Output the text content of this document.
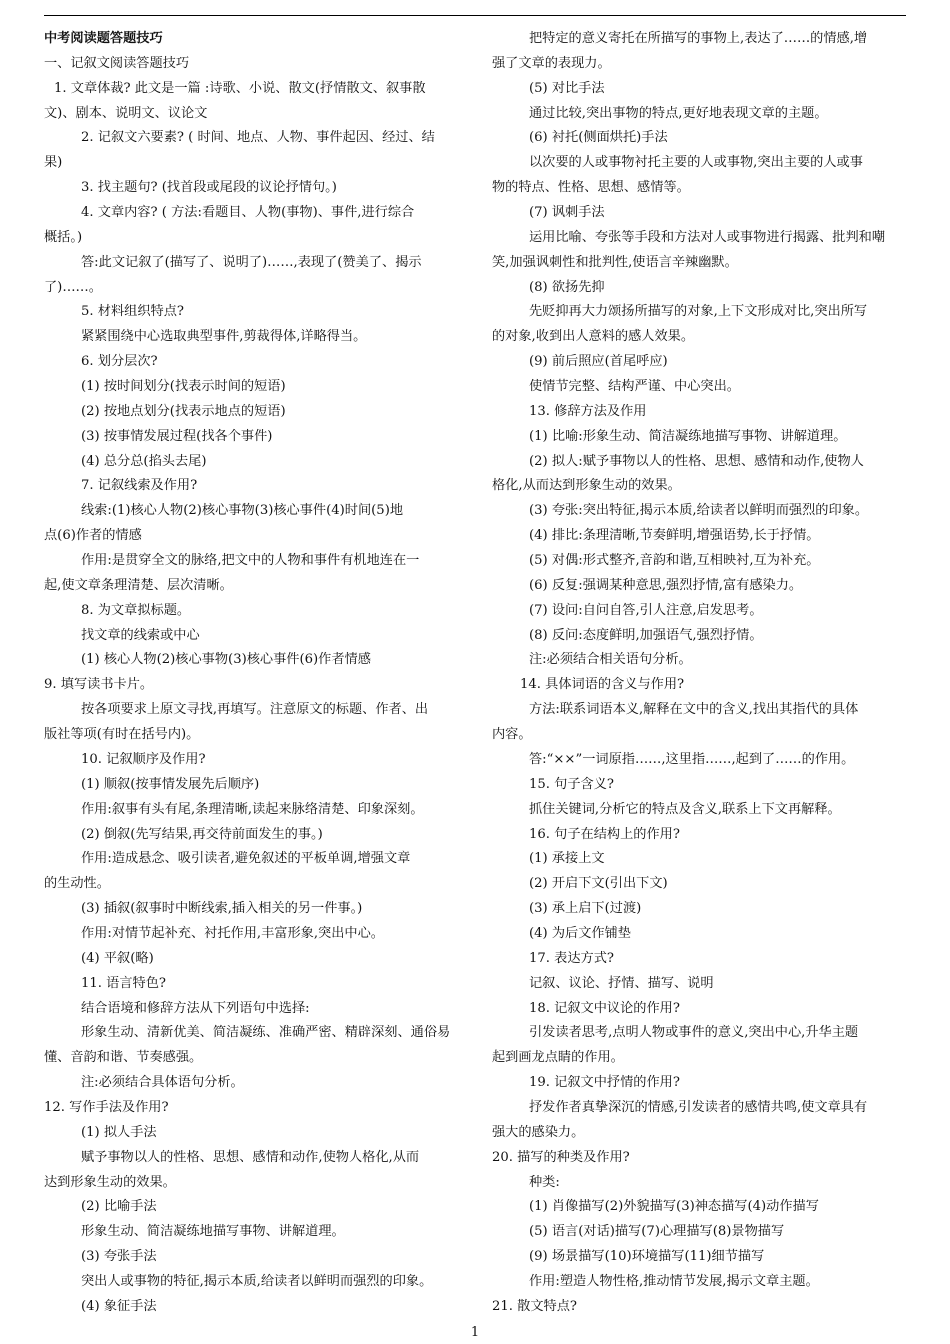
中考阅读题答题技巧
一、记叙文阅读答题技巧
1. 文章体裁? 此文是一篇 :诗歌、小说、散文(抒情散文、叙事散
文)、剧本、说明文、议论文
2. 记叙文六要素? ( 时间、地点、人物、事件起因、经过、结
果)
3. 找主题句? (找首段或尾段的议论抒情句。)
4. 文章内容? ( 方法:看题目、人物(事物)、事件,进行综合
概括。)
答:此文记叙了(描写了、说明了)……,表现了(赞美了、揭示
了)……。
5. 材料组织特点?
紧紧围绕中心选取典型事件,剪裁得体,详略得当。
6. 划分层次?
(1) 按时间划分(找表示时间的短语)
(2) 按地点划分(找表示地点的短语)
(3) 按事情发展过程(找各个事件)
(4) 总分总(掐头去尾)
7. 记叙线索及作用?
线索:(1)核心人物(2)核心事物(3)核心事件(4)时间(5)地
点(6)作者的情感
作用:是贯穿全文的脉络,把文中的人物和事件有机地连在一
起,使文章条理清楚、层次清晰。
8. 为文章拟标题。
找文章的线索或中心
(1) 核心人物(2)核心事物(3)核心事件(6)作者情感
9. 填写读书卡片。
按各项要求上原文寻找,再填写。注意原文的标题、作者、出
版社等项(有时在括号内)。
10. 记叙顺序及作用?
(1) 顺叙(按事情发展先后顺序)
作用:叙事有头有尾,条理清晰,读起来脉络清楚、印象深刻。
(2) 倒叙(先写结果,再交待前面发生的事。)
作用:造成悬念、吸引读者,避免叙述的平板单调,增强文章
的生动性。
(3) 插叙(叙事时中断线索,插入相关的另一件事。)
作用:对情节起补充、衬托作用,丰富形象,突出中心。
(4) 平叙(略)
11. 语言特色?
结合语境和修辞方法从下列语句中选择:
形象生动、清新优美、简洁凝练、准确严密、精辟深刻、通俗易
懂、音韵和谐、节奏感强。
注:必须结合具体语句分析。
12. 写作手法及作用?
(1) 拟人手法
赋予事物以人的性格、思想、感情和动作,使物人格化,从而
达到形象生动的效果。
(2) 比喻手法
形象生动、简洁凝练地描写事物、讲解道理。
(3) 夸张手法
突出人或事物的特征,揭示本质,给读者以鲜明而强烈的印象。
(4) 象征手法
把特定的意义寄托在所描写的事物上,表达了……的情感,增
强了文章的表现力。
(5) 对比手法
通过比较,突出事物的特点,更好地表现文章的主题。
(6) 衬托(侧面烘托)手法
以次要的人或事物衬托主要的人或事物,突出主要的人或事
物的特点、性格、思想、感情等。
(7) 讽刺手法
运用比喻、夸张等手段和方法对人或事物进行揭露、批判和嘲
笑,加强讽刺性和批判性,使语言辛辣幽默。
(8) 欲扬先抑
先贬抑再大力颂扬所描写的对象,上下文形成对比,突出所写
的对象,收到出人意料的感人效果。
(9) 前后照应(首尾呼应)
使情节完整、结构严谨、中心突出。
13. 修辞方法及作用
(1) 比喻:形象生动、简洁凝练地描写事物、讲解道理。
(2) 拟人:赋予事物以人的性格、思想、感情和动作,使物人
格化,从而达到形象生动的效果。
(3) 夸张:突出特征,揭示本质,给读者以鲜明而强烈的印象。
(4) 排比:条理清晰,节奏鲜明,增强语势,长于抒情。
(5) 对偶:形式整齐,音韵和谐,互相映衬,互为补充。
(6) 反复:强调某种意思,强烈抒情,富有感染力。
(7) 设问:自问自答,引人注意,启发思考。
(8) 反问:态度鲜明,加强语气,强烈抒情。
注:必须结合相关语句分析。
14. 具体词语的含义与作用?
方法:联系词语本义,解释在文中的含义,找出其指代的具体
内容。
答:“××”一词原指……,这里指……,起到了……的作用。
15. 句子含义?
抓住关键词,分析它的特点及含义,联系上下文再解释。
16. 句子在结构上的作用?
(1) 承接上文
(2) 开启下文(引出下文)
(3) 承上启下(过渡)
(4) 为后文作铺垫
17. 表达方式?
记叙、议论、抒情、描写、说明
18. 记叙文中议论的作用?
引发读者思考,点明人物或事件的意义,突出中心,升华主题
起到画龙点睛的作用。
19. 记叙文中抒情的作用?
抒发作者真挚深沉的情感,引发读者的感情共鸣,使文章具有
强大的感染力。
20. 描写的种类及作用?
种类:
(1) 肖像描写(2)外貌描写(3)神态描写(4)动作描写
(5) 语言(对话)描写(7)心理描写(8)景物描写
(9) 场景描写(10)环境描写(11)细节描写
作用:塑造人物性格,推动情节发展,揭示文章主题。
21. 散文特点?
1
